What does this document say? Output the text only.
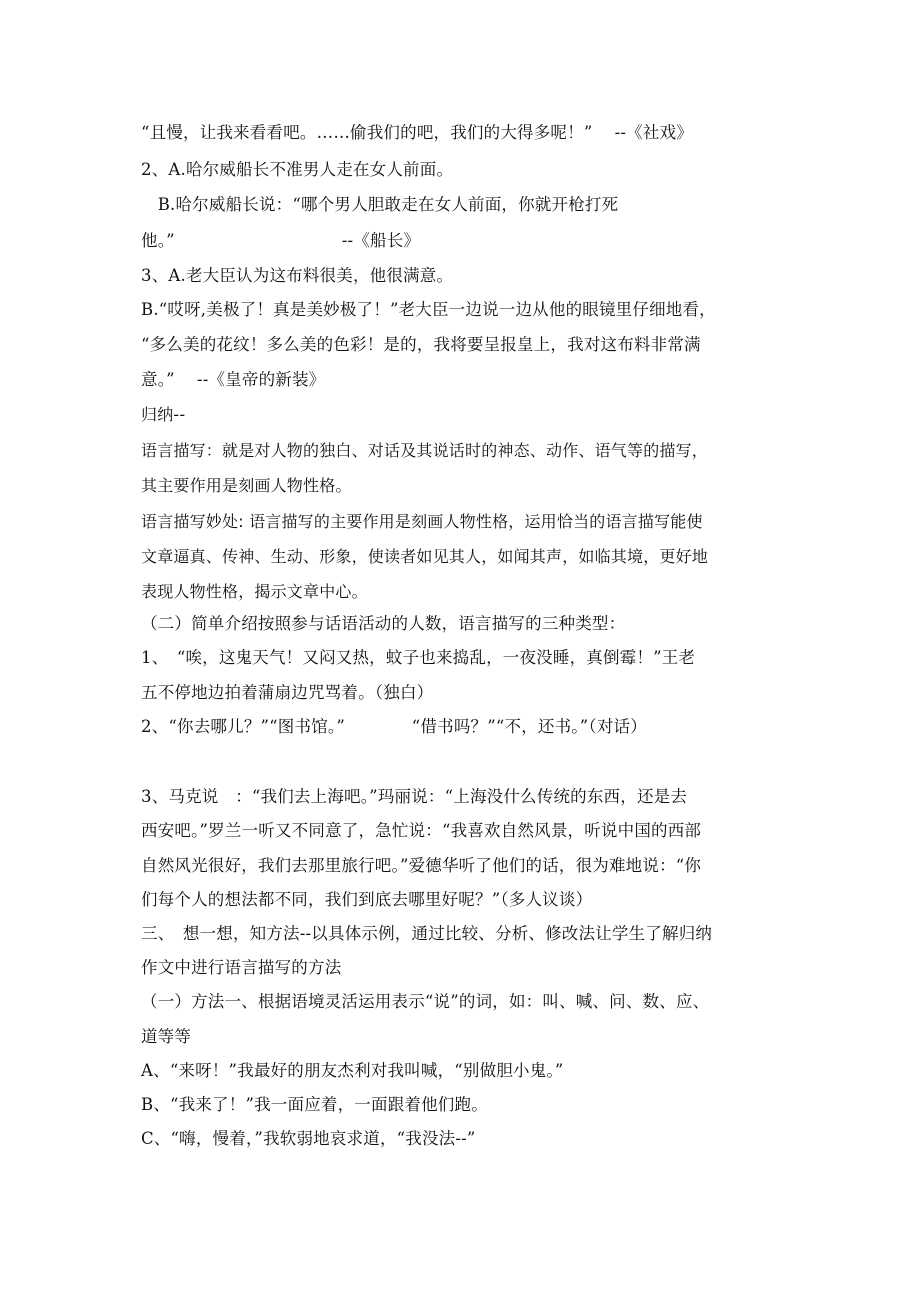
“且慢，让我来看看吧。……偷我们的吧，我们的大得多呢！”　 --《社戏》
2、A.哈尔威船长不准男人走在女人前面。
　B.哈尔威船长说：“哪个男人胆敢走在女人前面，你就开枪打死
他。”　　　　　　　　　　--《船长》
3、A.老大臣认为这布料很美，他很满意。
B.“哎呀,美极了！真是美妙极了！”老大臣一边说一边从他的眼镜里仔细地看，
“多么美的花纹！多么美的色彩！是的，我将要呈报皇上，我对这布料非常满
意。”　 --《皇帝的新装》
归纳--
语言描写：就是对人物的独白、对话及其说话时的神态、动作、语气等的描写，
其主要作用是刻画人物性格。
语言描写妙处: 语言描写的主要作用是刻画人物性格，运用恰当的语言描写能使
文章逼真、传神、生动、形象，使读者如见其人，如闻其声，如临其境，更好地
表现人物性格，揭示文章中心。
（二）简单介绍按照参与话语活动的人数，语言描写的三种类型：
1、　“唉，这鬼天气！又闷又热，蚊子也来捣乱，一夜没睡，真倒霉！”王老
五不停地边拍着蒲扇边咒骂着。（独白）
2、“你去哪儿？”“图书馆。”　　　　“借书吗？”“不，还书。”（对话）
3、马克说　：“我们去上海吧。”玛丽说：“上海没什么传统的东西，还是去
西安吧。”罗兰一听又不同意了，急忙说：“我喜欢自然风景，听说中国的西部
自然风光很好，我们去那里旅行吧。”爱德华听了他们的话，很为难地说：“你
们每个人的想法都不同，我们到底去哪里好呢？”（多人议谈）
三、　想一想，知方法--以具体示例，通过比较、分析、修改法让学生了解归纳
作文中进行语言描写的方法
（一）方法一、根据语境灵活运用表示“说”的词，如：叫、喊、问、数、应、
道等等
A、“来呀！”我最好的朋友杰利对我叫喊，“别做胆小鬼。”
B、“我来了！”我一面应着，一面跟着他们跑。
C、“嗨，慢着，”我软弱地哀求道，“我没法--”
